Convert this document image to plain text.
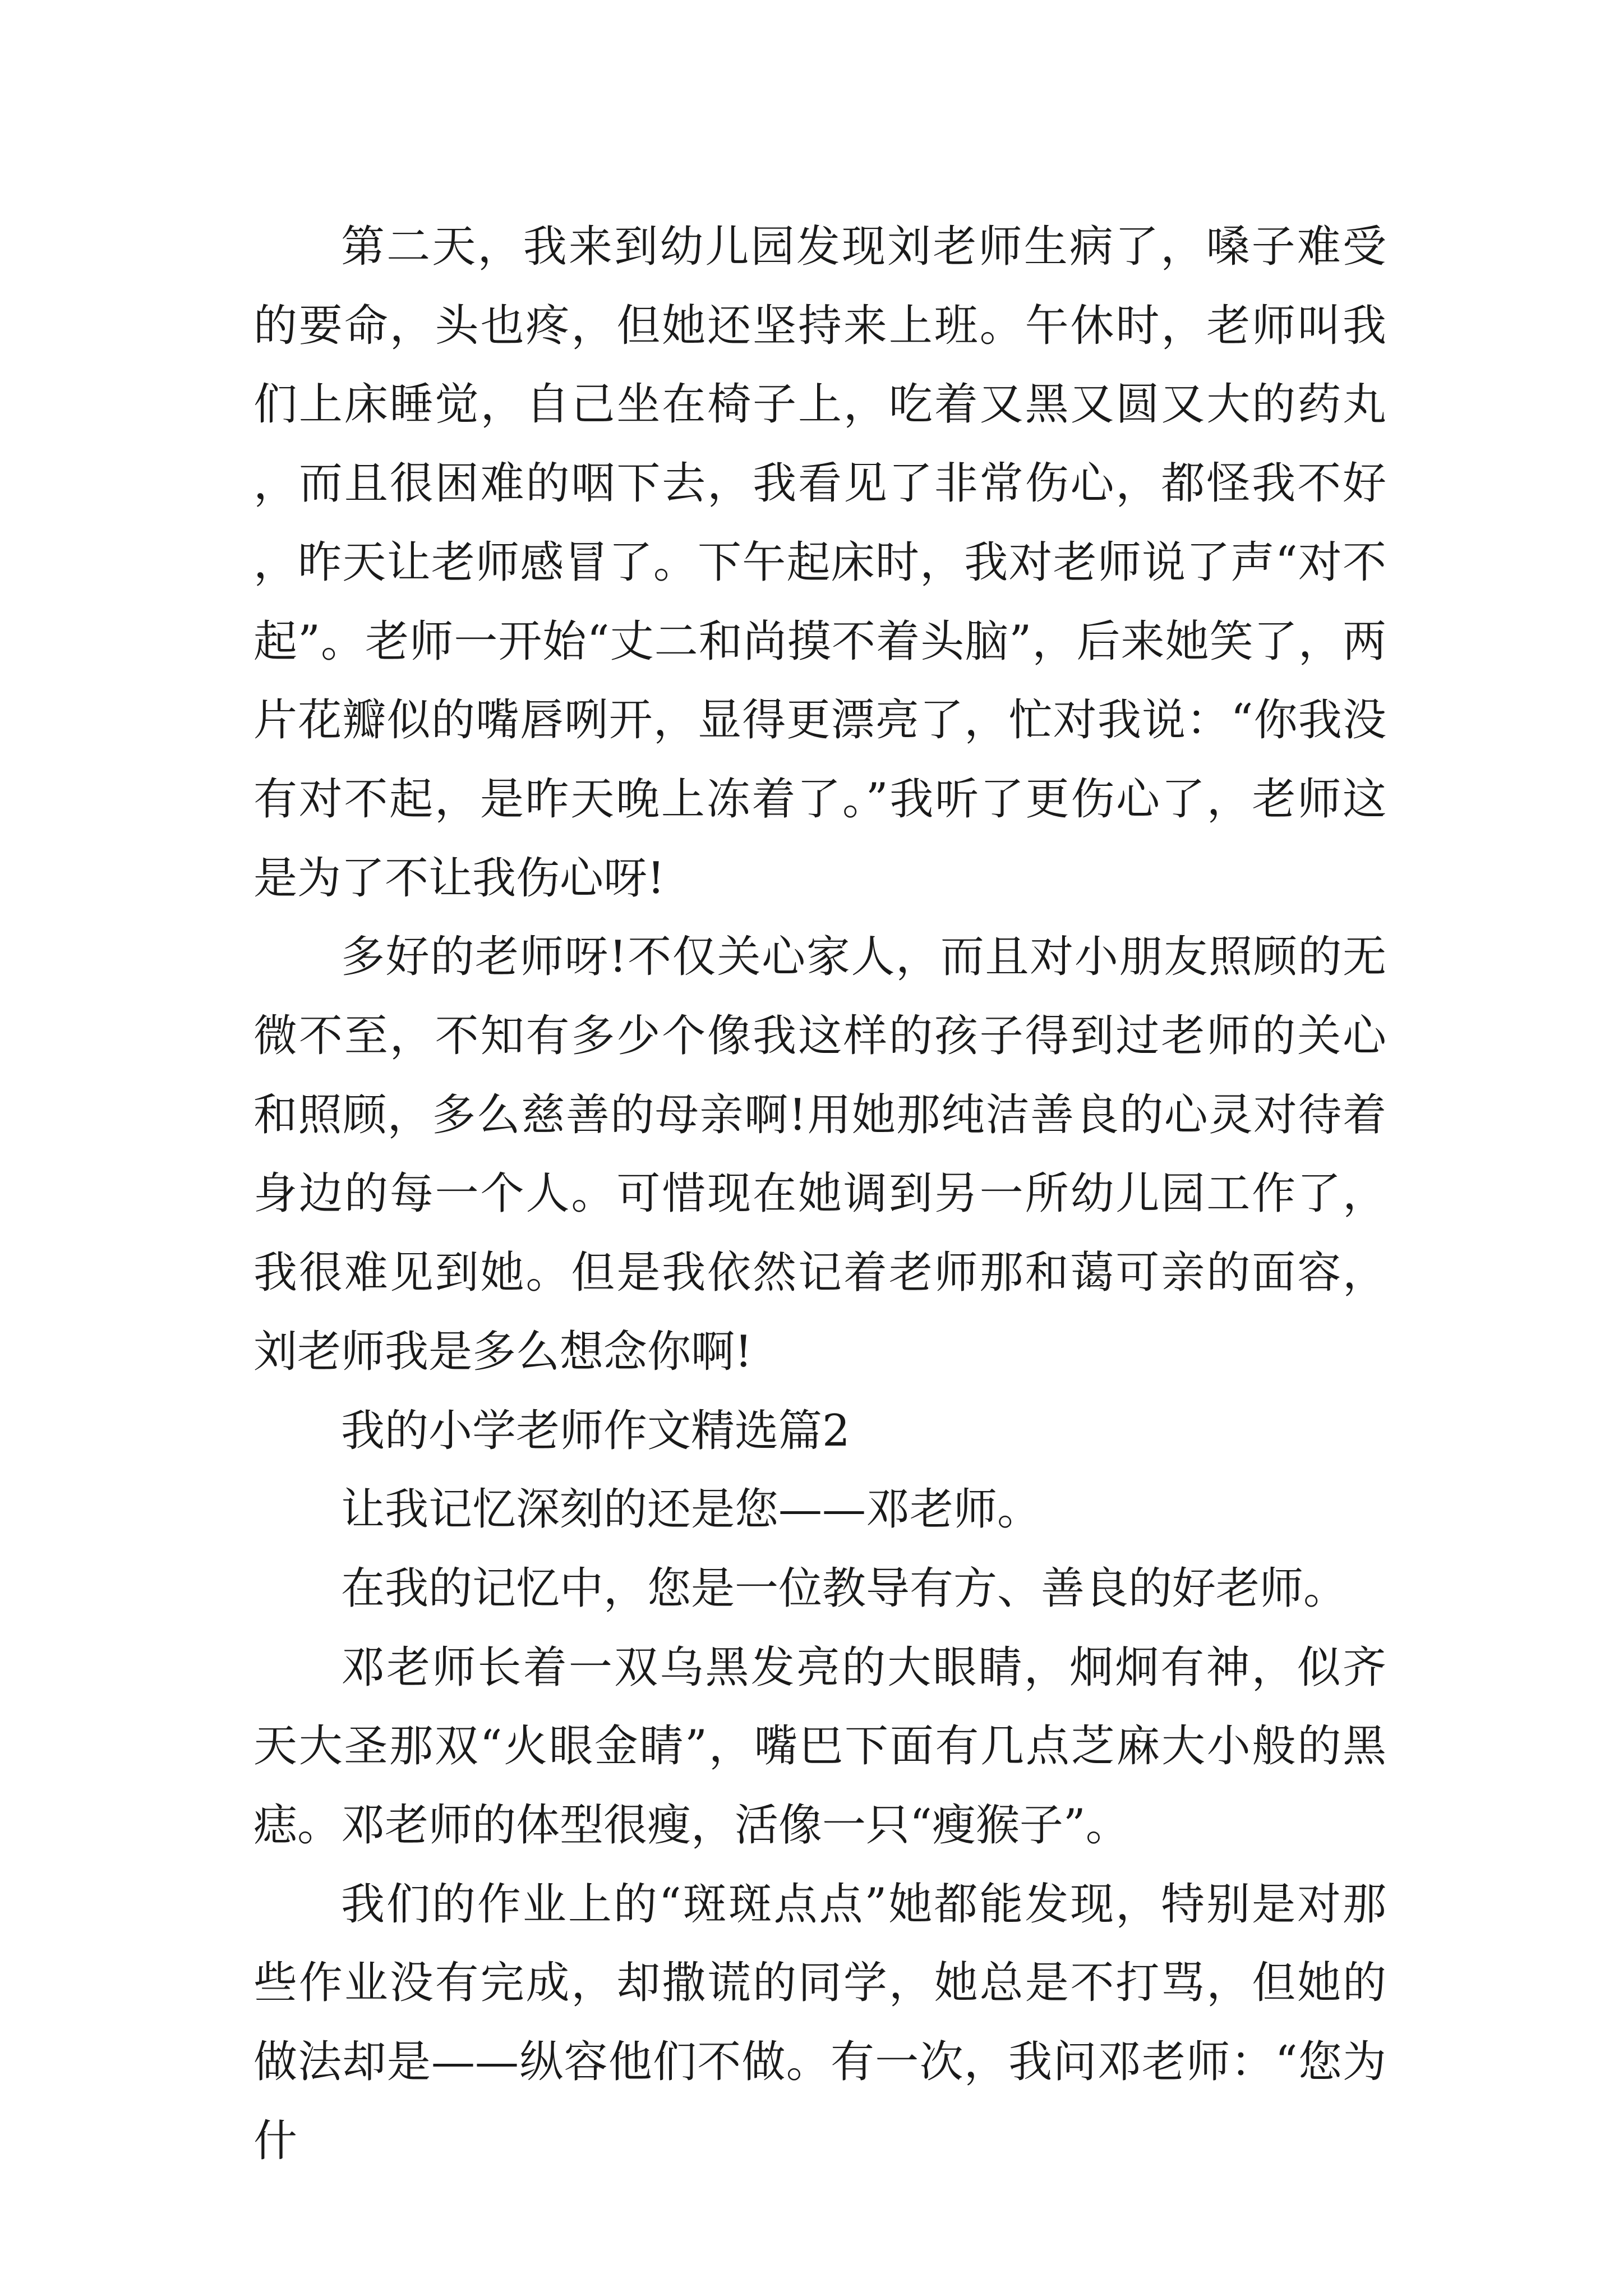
第二天，我来到幼儿园发现刘老师生病了，嗓子难受的要命，头也疼，但她还坚持来上班。午休时，老师叫我们上床睡觉，自己坐在椅子上，吃着又黑又圆又大的药丸，而且很困难的咽下去，我看见了非常伤心，都怪我不好，昨天让老师感冒了。下午起床时，我对老师说了声“对不起”。老师一开始“丈二和尚摸不着头脑”，后来她笑了，两片花瓣似的嘴唇咧开，显得更漂亮了，忙对我说：“你我没有对不起，是昨天晚上冻着了。”我听了更伤心了，老师这是为了不让我伤心呀!

多好的老师呀!不仅关心家人，而且对小朋友照顾的无微不至，不知有多少个像我这样的孩子得到过老师的关心和照顾，多么慈善的母亲啊!用她那纯洁善良的心灵对待着身边的每一个人。可惜现在她调到另一所幼儿园工作了，我很难见到她。但是我依然记着老师那和蔼可亲的面容，刘老师我是多么想念你啊!

我的小学老师作文精选篇2

让我记忆深刻的还是您——邓老师。

在我的记忆中，您是一位教导有方、善良的好老师。

邓老师长着一双乌黑发亮的大眼睛，炯炯有神，似齐天大圣那双“火眼金睛”，嘴巴下面有几点芝麻大小般的黑痣。邓老师的体型很瘦，活像一只“瘦猴子”。

我们的作业上的“斑斑点点”她都能发现，特别是对那些作业没有完成，却撒谎的同学，她总是不打骂，但她的做法却是——纵容他们不做。有一次，我问邓老师：“您为什
